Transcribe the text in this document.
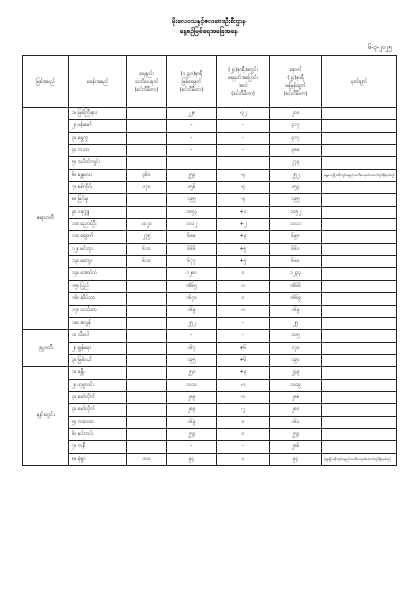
မိုးလေဝသနှင့်ဇလဗေဒဦးစီးဌာန
နေ့စဉ်မြစ်ရေအခြေအနေ
၆-၃-၂၀၂၅
မြစ်အမည်	စခန်းအမည်	ရေနည်း
သတိပေးမှတ်
(စင်တီမီတာ)	(၁၂၃၀)နာရီ
မြစ်ရေမှတ်
(စင်တီမီတာ)	(၂၄)နာရီအတွင်း
ရေမှတ်အပြောင်း
အလဲ
(စင်တီမီတာ)	နောက်
(၂၄)နာရီ
ခန့်မှန်းချက်
(စင်တီမီတာ)	မှတ်ချက်
ဧရာဝတီ	၁။ မြစ်ကြီးနား		၂၂၈	-၃၂	၂၀၀	
	၂။ ဗန်းမော်		-	-	၃၁၇	
	၃။ ရွှေကူ		-	-	၃၁၇	
	၄။ ကသာ		-	-	၃၈၈	
	၅။ သပိတ်ကျင်း				၂၇၃	
	၆။ မန္တလေး	၃၆၀	၂၅၄	-၄	၂၅၂	မန္တလေးမြို့အနီးတွင်ရေနည်းသတိပေးမှတ်အောက်တွင်ရှိနေပါမည်
	၇။ စစ်ကိုင်း	၁၇၀	၁၅၆	-၄	၁၅၃	
	၈။ မြင်းမူ		၁၉၅	-၃	၁၉၅	
	၉။ ပခုက္ကူ		၁၀၅၃	+၁	၁၀၅၂	
	၁၀။ ညောင်ဦး	၁၀၂၀	၁၁၁၂	+၂	၁၁၁၁	
	၁၁။ ချောက်	၂၇၅	၆၈၈	+၃	၆၉၀	
	၁၂။ မင်းဘူး	၆၁၀	၆၆၆	+၅	၆၆၀	
	၁၃။ မကွေး	၆၁၀	၆၇၇	+၅	၆၈၀	
	၁၄။ အောင်လံ		၁၂၈၀	၀	၁၂၃၃	
	၁၅။ ပြည်		၁၆၆၅	-၁	၁၆၆၆	
	၁၆။ ဆိပ်သာ		၁၆၇၀	၀	၁၆၆၉	
	၁၇။ ဟင်္သာတ		၁၆၉	-၁	၁၆၉	
	၁၈။ ဇလွန်		၂၅၂	-	၂၅	
ဒုဋ္ဌဝတီ	၁။ သီပေါ		-	-	၁၀၅	
	၂။ ချွန်ဖရာ		၁၆၇	+၆	၁၇၀	
	၃။ မြစ်ငယ်		၁၉၅	+၆	၁၉၀	
ချင်းတွင်း	၁။ ခန္တီး		၂၅၀	+၃	၂၄၉	
	၂။ ဟုမ္မလင်း		၁၁၁၀	-၁	၁၁၀၉	
	၃။ မော်လိုက်		၂၈၉	-၁	၂၈၈	
	၄။ မော်လိုက်		၂၈၉	-၂	၂၈၀	
	၅။ ကလေးဝ		၁၆၉	၀	၁၆၀	
	၆။ မင်းကင်း		၂၅၄	၀	၂၅၄	
	၇။ ကနီ		-	-	၂၈၆	
	၈။ မုံရွာ	၁၀၀	၉၄	၀	၉၃	မုံရွာမြို့အနီးတွင်ရေနည်းသတိပေးမှတ်အောက်တွင်ရှိနေပါမည်
